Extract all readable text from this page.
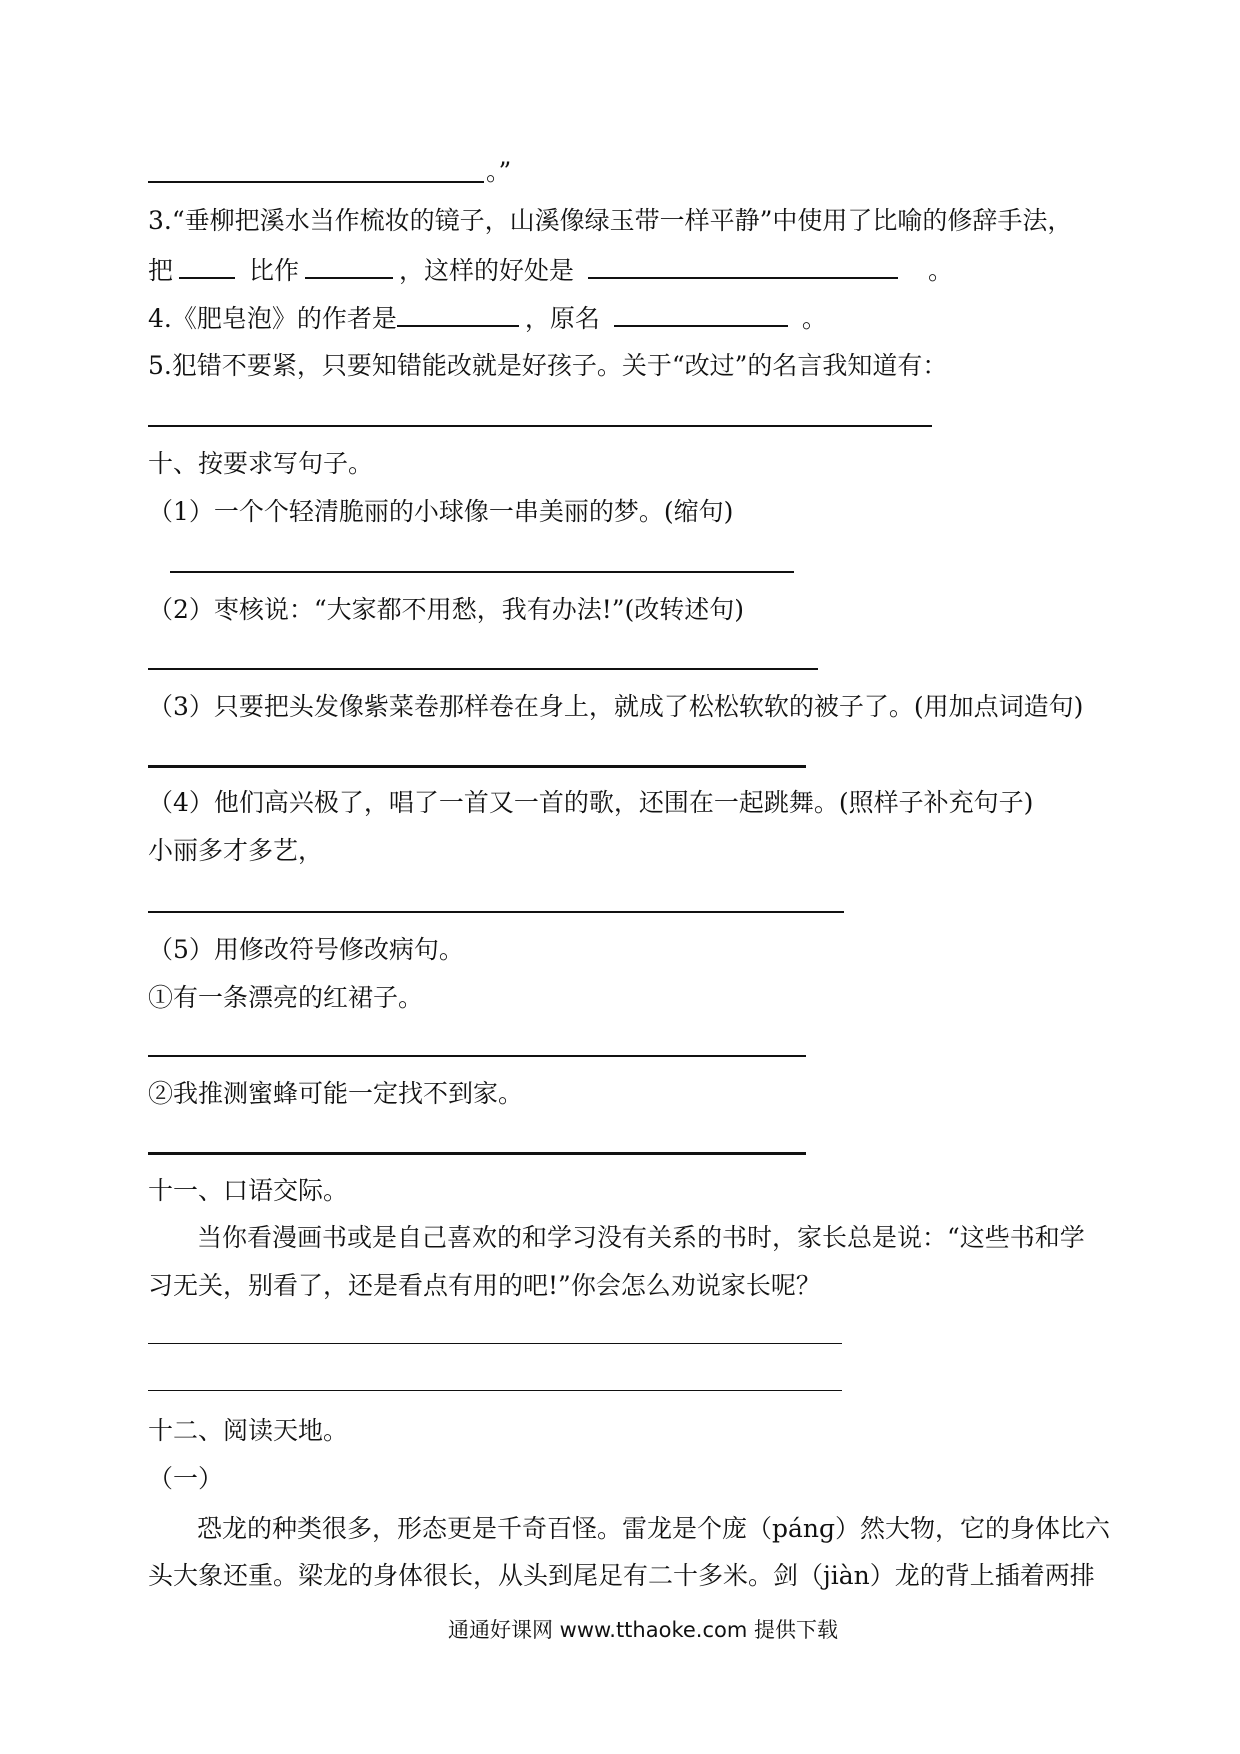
。”
3.“垂柳把溪水当作梳妆的镜子，山溪像绿玉带一样平静”中使用了比喻的修辞手法，
把	比作	，这样的好处是	。
4.《肥皂泡》的作者是	，原名	。
5.犯错不要紧，只要知错能改就是好孩子。关于“改过”的名言我知道有：
十、按要求写句子。
（1）一个个轻清脆丽的小球像一串美丽的梦。(缩句)
（2）枣核说：“大家都不用愁，我有办法!”(改转述句)
（3）只要把头发像紫菜卷那样卷在身上，就成了松松软软的被子了。(用加点词造句)
（4）他们高兴极了，唱了一首又一首的歌，还围在一起跳舞。(照样子补充句子)
小丽多才多艺，
（5）用修改符号修改病句。
①有一条漂亮的红裙子。
②我推测蜜蜂可能一定找不到家。
十一、口语交际。
当你看漫画书或是自己喜欢的和学习没有关系的书时，家长总是说：“这些书和学
习无关，别看了，还是看点有用的吧!”你会怎么劝说家长呢？
十二、阅读天地。
（一）
恐龙的种类很多，形态更是千奇百怪。雷龙是个庞（pánɡ）然大物，它的身体比六
头大象还重。梁龙的身体很长，从头到尾足有二十多米。剑（jiàn）龙的背上插着两排
通通好课网 www.tthaoke.com 提供下载
